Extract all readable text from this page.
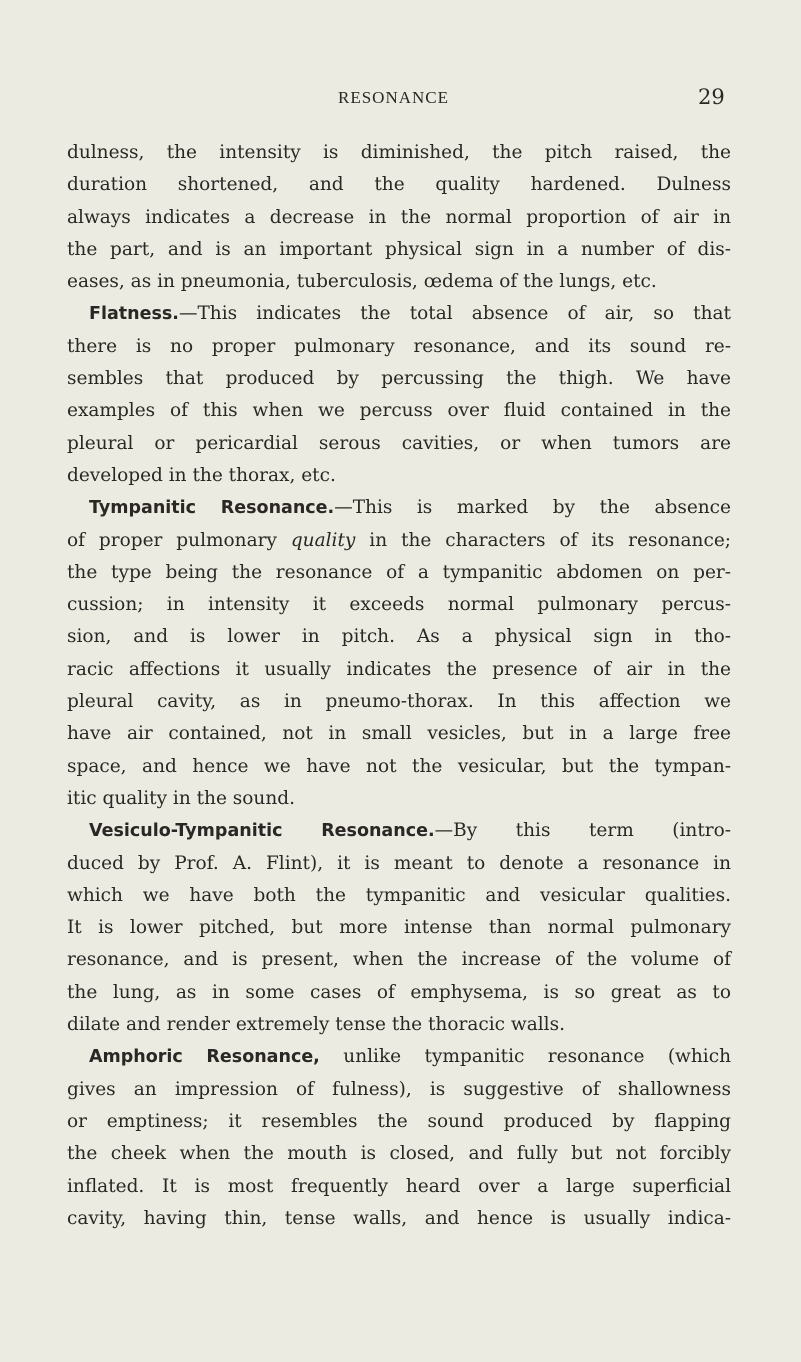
RESONANCE	29
dulness, the intensity is diminished, the pitch raised, the
duration shortened, and the quality hardened. Dulness
always indicates a decrease in the normal proportion of air in
the part, and is an important physical sign in a number of dis-
eases, as in pneumonia, tuberculosis, œdema of the lungs, etc.
Flatness.—This indicates the total absence of air, so that
there is no proper pulmonary resonance, and its sound re-
sembles that produced by percussing the thigh. We have
examples of this when we percuss over fluid contained in the
pleural or pericardial serous cavities, or when tumors are
developed in the thorax, etc.
Tympanitic Resonance.—This is marked by the absence
of proper pulmonary quality in the characters of its resonance;
the type being the resonance of a tympanitic abdomen on per-
cussion; in intensity it exceeds normal pulmonary percus-
sion, and is lower in pitch. As a physical sign in tho-
racic affections it usually indicates the presence of air in the
pleural cavity, as in pneumo-thorax. In this affection we
have air contained, not in small vesicles, but in a large free
space, and hence we have not the vesicular, but the tympan-
itic quality in the sound.
Vesiculo-Tympanitic Resonance.—By this term (intro-
duced by Prof. A. Flint), it is meant to denote a resonance in
which we have both the tympanitic and vesicular qualities.
It is lower pitched, but more intense than normal pulmonary
resonance, and is present, when the increase of the volume of
the lung, as in some cases of emphysema, is so great as to
dilate and render extremely tense the thoracic walls.
Amphoric Resonance, unlike tympanitic resonance (which
gives an impression of fulness), is suggestive of shallowness
or emptiness; it resembles the sound produced by flapping
the cheek when the mouth is closed, and fully but not forcibly
inflated. It is most frequently heard over a large superficial
cavity, having thin, tense walls, and hence is usually indica-
